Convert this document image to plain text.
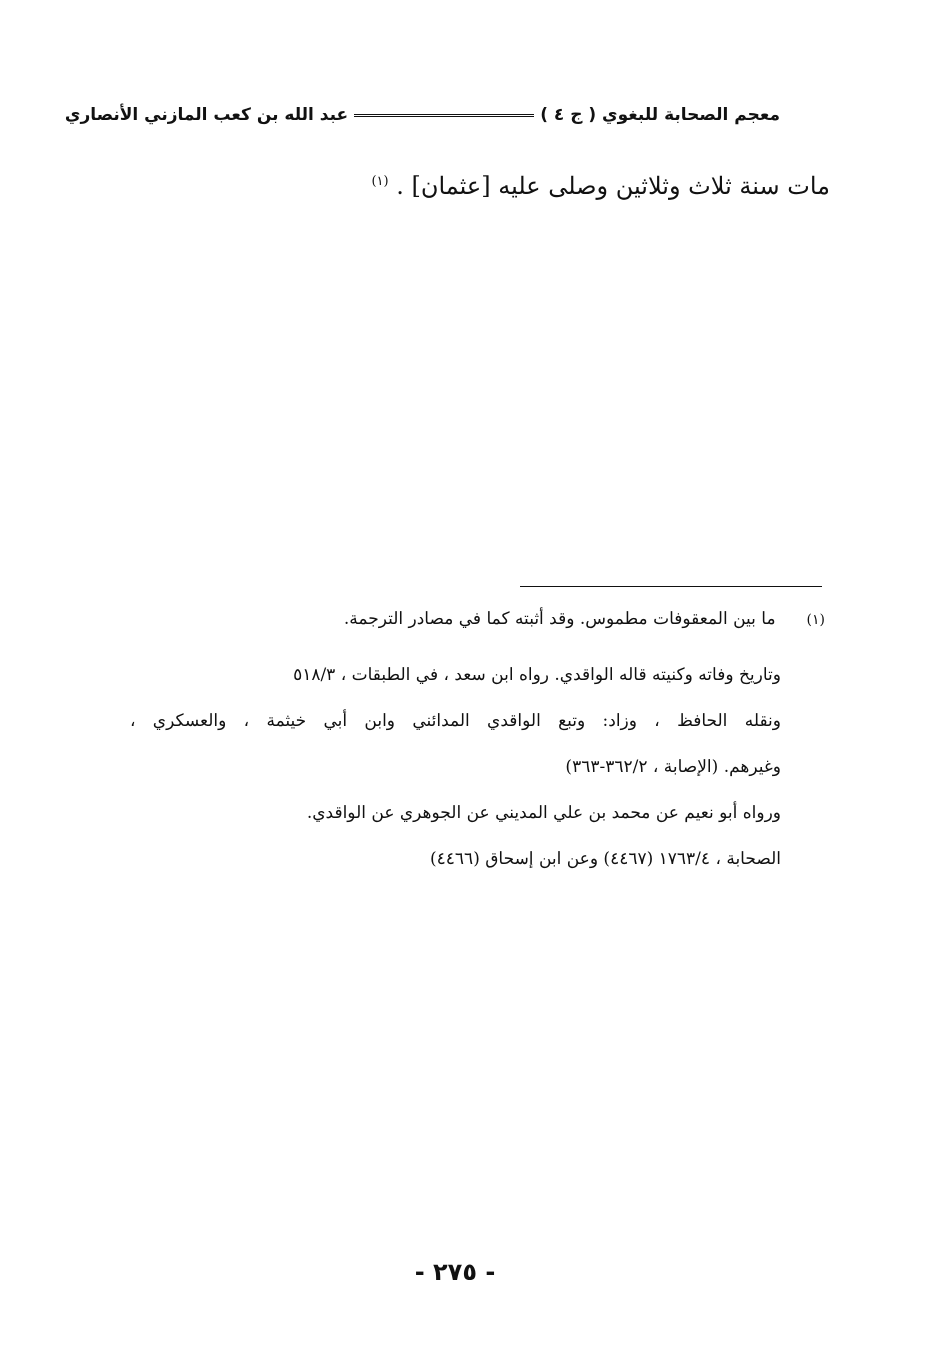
معجم الصحابة للبغوي ( ج ٤ )
عبد الله بن كعب المازني الأنصاري
مات سنة ثلاث وثلاثين وصلى عليه [عثمان] . $^{(١)}$
(١) ما بين المعقوفات مطموس. وقد أثبته كما في مصادر الترجمة.
وتاريخ وفاته وكنيته قاله الواقدي. رواه ابن سعد ، في الطبقات ، ٥١٨/٣
ونقله الحافظ ، وزاد: وتبع الواقدي المدائني وابن أبي خيثمة ، والعسكري ،
وغيرهم. (الإصابة ، ٣٦٢/٢-٣٦٣)
ورواه أبو نعيم عن محمد بن علي المديني عن الجوهري عن الواقدي.
الصحابة ، ١٧٦٣/٤ (٤٤٦٧) وعن ابن إسحاق (٤٤٦٦)
- ٢٧٥ -
